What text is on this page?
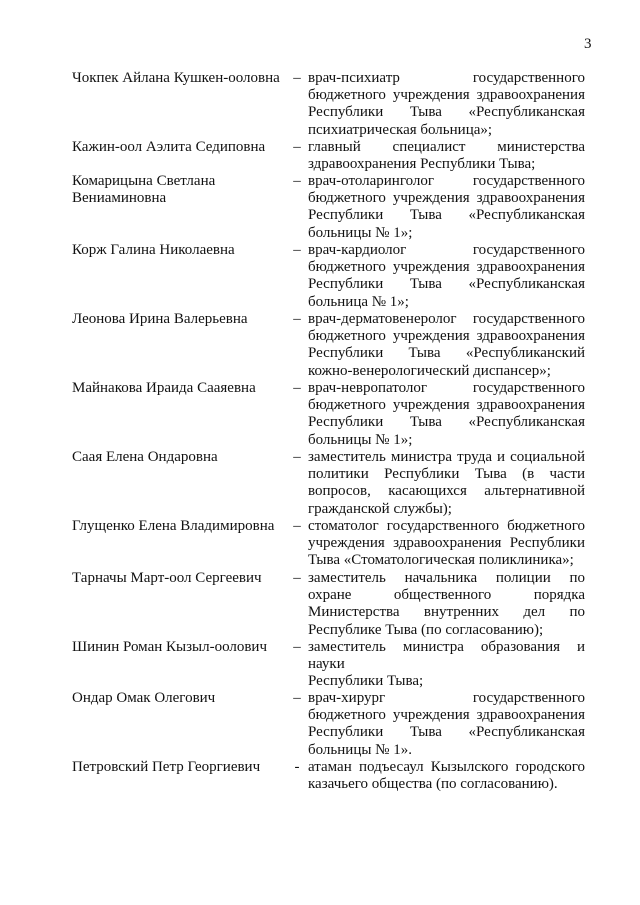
3
Чокпек Айлана Кушкен-ооловна – врач-психиатр государственного
бюджетного учреждения здравоохранения
Республики Тыва «Республиканская
психиатрическая больница»;
Кажин-оол Аэлита Седиповна	– главный специалист министерства
здравоохранения Республики Тыва;
Комарицына Светлана Вениаминовна
– врач-отоларинголог государственного
бюджетного учреждения здравоохранения
Республики Тыва «Республиканская
больницы № 1»;
Корж Галина Николаевна	– врач-кардиолог государственного
бюджетного учреждения здравоохранения
Республики Тыва «Республиканская
больница № 1»;
Леонова Ирина Валерьевна	– врач-дерматовенеролог государственного
бюджетного учреждения здравоохранения
Республики Тыва «Республиканский
кожно-венерологический диспансер»;
Майнакова Ираида Сааяевна	– врач-невропатолог государственного
бюджетного учреждения здравоохранения
Республики Тыва «Республиканская
больницы № 1»;
Саая Елена Ондаровна	– заместитель министра труда и социальной
политики Республики Тыва (в части
вопросов, касающихся альтернативной
гражданской службы);
Глущенко Елена Владимировна	– стоматолог государственного бюджетного
учреждения здравоохранения Республики
Тыва «Стоматологическая поликлиника»;
Тарначы Март-оол Сергеевич	– заместитель начальника полиции по
охране общественного порядка
Министерства внутренних дел по
Республике Тыва (по согласованию);
Шинин Роман Кызыл-оолович	– заместитель министра образования и науки
Республики Тыва;
Ондар Омак Олегович	– врач-хирург государственного
бюджетного учреждения здравоохранения
Республики Тыва «Республиканская
больницы № 1».
Петровский Петр Георгиевич	- атаман подъесаул Кызылского городского
казачьего общества (по согласованию).
